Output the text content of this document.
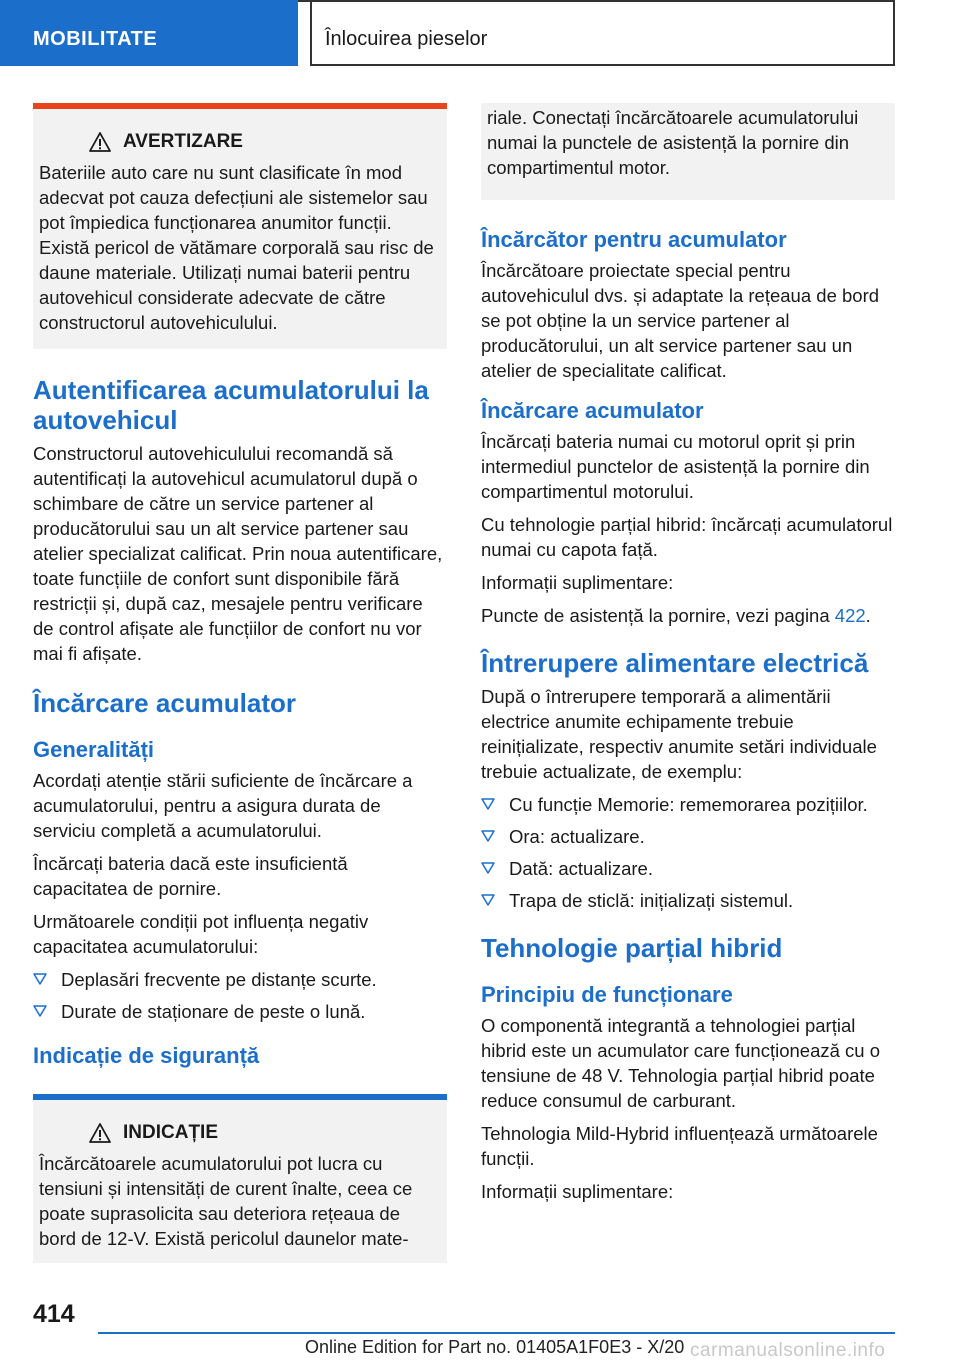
MOBILITATE	Înlocuirea pieselor
AVERTIZARE
Bateriile auto care nu sunt clasificate în mod adecvat pot cauza defecțiuni ale sistemelor sau pot împiedica funcționarea anumitor funcții. Există pericol de vătămare corporală sau risc de daune materiale. Utilizați numai baterii pentru autovehicul considerate adecvate de către constructorul autovehiculului.
Autentificarea acumulatorului la autovehicul

Constructorul autovehiculului recomandă să autentificați la autovehicul acumulatorul după o schimbare de către un service partener al producătorului sau un alt service partener sau atelier specializat calificat. Prin noua autentificare, toate funcțiile de confort sunt disponibile fără restricții și, după caz, mesajele pentru verificare de control afișate ale funcțiilor de confort nu vor mai fi afișate.

Încărcare acumulator
Generalități

Acordați atenție stării suficiente de încărcare a acumulatorului, pentru a asigura durata de serviciu completă a acumulatorului.

Încărcați bateria dacă este insuficientă capacitatea de pornire.

Următoarele condiții pot influența negativ capacitatea acumulatorului:

Deplasări frecvente pe distanțe scurte.
Durate de staționare de peste o lună.
Indicație de siguranță
INDICAȚIE
Încărcătoarele acumulatorului pot lucra cu tensiuni și intensități de curent înalte, ceea ce poate suprasolicita sau deteriora rețeaua de bord de 12-V. Există pericolul daunelor mate-
riale. Conectați încărcătoarele acumulatorului numai la punctele de asistență la pornire din compartimentul motor.
Încărcător pentru acumulator

Încărcătoare proiectate special pentru autovehiculul dvs. și adaptate la rețeaua de bord se pot obține la un service partener al producătorului, un alt service partener sau un atelier de specialitate calificat.

Încărcare acumulator

Încărcați bateria numai cu motorul oprit și prin intermediul punctelor de asistență la pornire din compartimentul motorului.

Cu tehnologie parțial hibrid: încărcați acumulatorul numai cu capota față.

Informații suplimentare:

Puncte de asistență la pornire, vezi pagina 422.

Întrerupere alimentare electrică

După o întrerupere temporară a alimentării electrice anumite echipamente trebuie reinițializate, respectiv anumite setări individuale trebuie actualizate, de exemplu:

Cu funcție Memorie: rememorarea pozițiilor.
Ora: actualizare.
Dată: actualizare.
Trapa de sticlă: inițializați sistemul.
Tehnologie parțial hibrid
Principiu de funcționare

O componentă integrantă a tehnologiei parțial hibrid este un acumulator care funcționează cu o tensiune de 48 V. Tehnologia parțial hibrid poate reduce consumul de carburant.

Tehnologia Mild-Hybrid influențează următoarele funcții.

Informații suplimentare:

414
Online Edition for Part no. 01405A1F0E3 - X/20 carmanualsonline.info
